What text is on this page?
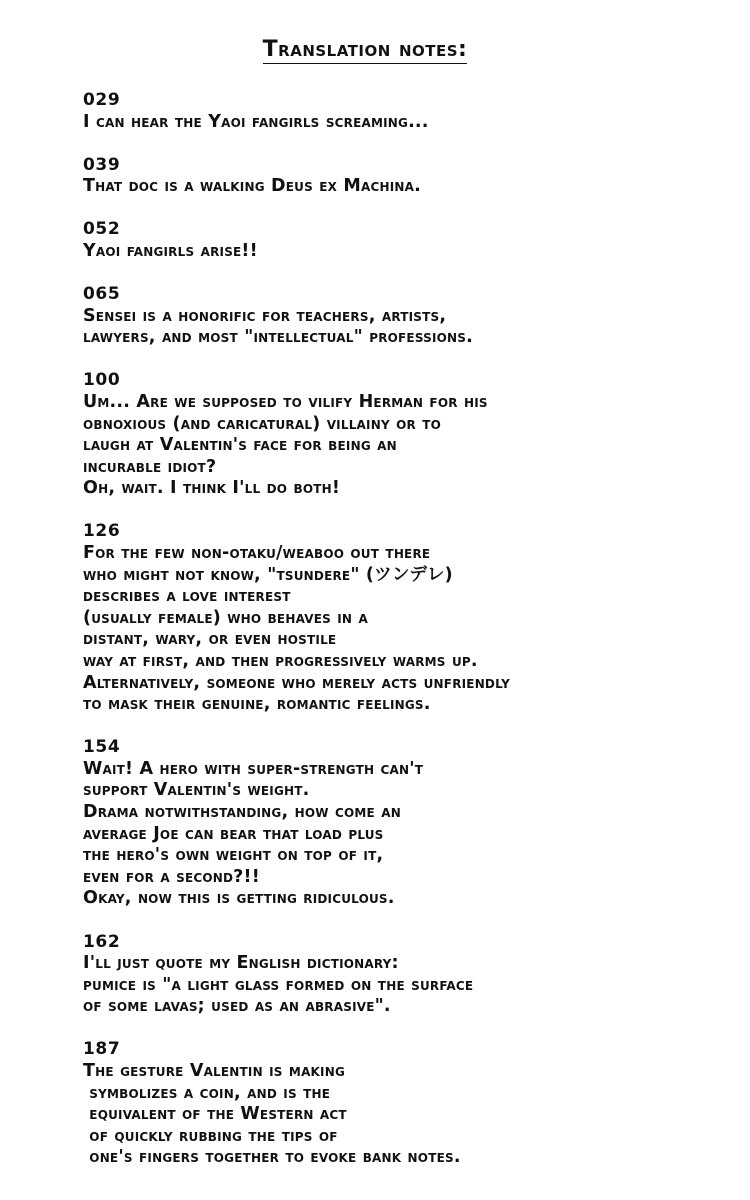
Translation notes:
029
I can hear the Yaoi fangirls screaming...
039
That doc is a walking Deus ex Machina.
052
Yaoi fangirls arise!!
065
Sensei is a honorific for teachers, artists,
lawyers, and most "intellectual" professions.
100
Um... Are we supposed to vilify Herman for his
obnoxious (and caricatural) villainy or to
laugh at Valentin's face for being an
incurable idiot?
Oh, wait. I think I'll do both!
126
For the few non-otaku/weaboo out there
who might not know, "tsundere" (ツンデレ)
describes a love interest
(usually female) who behaves in a
distant, wary, or even hostile
way at first, and then progressively warms up.
Alternatively, someone who merely acts unfriendly
to mask their genuine, romantic feelings.
154
Wait! A hero with super-strength can't
support Valentin's weight.
Drama notwithstanding, how come an
average Joe can bear that load plus
the hero's own weight on top of it,
even for a second?!!
Okay, now this is getting ridiculous.
162
I'll just quote my English dictionary:
pumice is "a light glass formed on the surface
of some lavas; used as an abrasive".
187
The gesture Valentin is making
symbolizes a coin, and is the
equivalent of the Western act
of quickly rubbing the tips of
one's fingers together to evoke bank notes.
